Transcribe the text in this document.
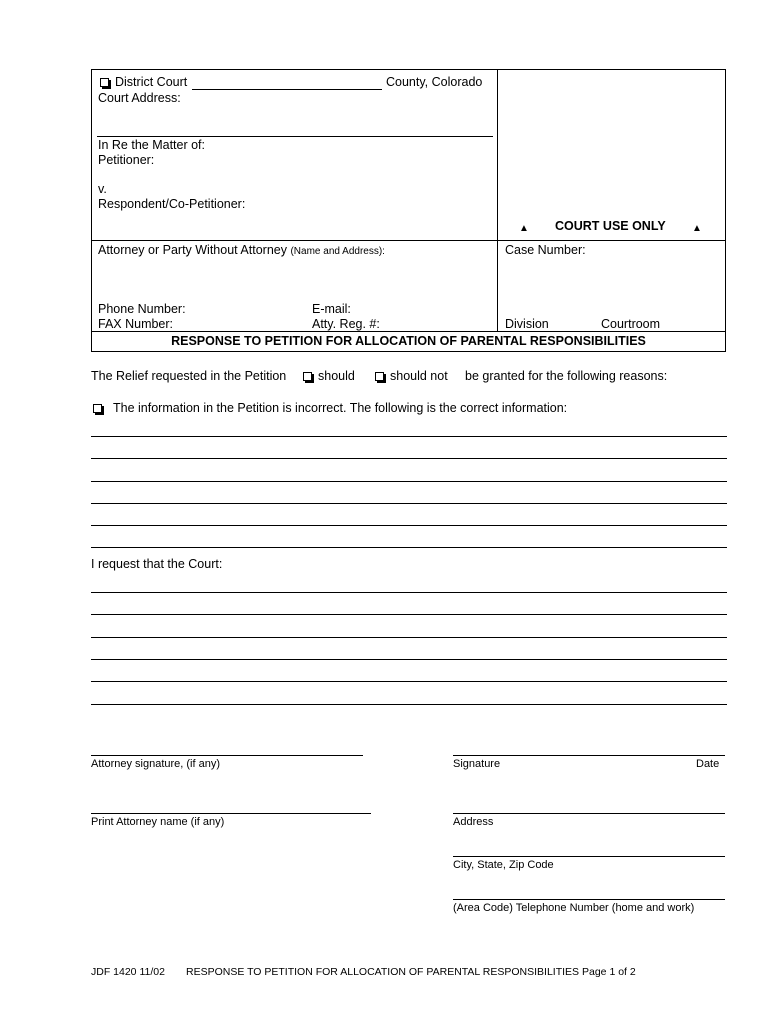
District Court	County, Colorado
Court Address:
In Re the Matter of:
Petitioner:
v.
Respondent/Co-Petitioner:
▲ COURT USE ONLY	▲
Attorney or Party Without Attorney (Name and Address):	Case Number:
Phone Number:	E-mail:
FAX Number:	Atty. Reg. #:	Division	Courtroom
RESPONSE TO PETITION FOR ALLOCATION OF PARENTAL RESPONSIBILITIES
The Relief requested in the Petition	should	should not be granted for the following reasons:
The information in the Petition is incorrect. The following is the correct information:
I request that the Court:
Attorney signature, (if any)	Signature	Date
Print Attorney name (if any)	Address
City, State, Zip Code
(Area Code) Telephone Number (home and work)
JDF 1420 11/02 RESPONSE TO PETITION FOR ALLOCATION OF PARENTAL RESPONSIBILITIES Page 1 of 2
